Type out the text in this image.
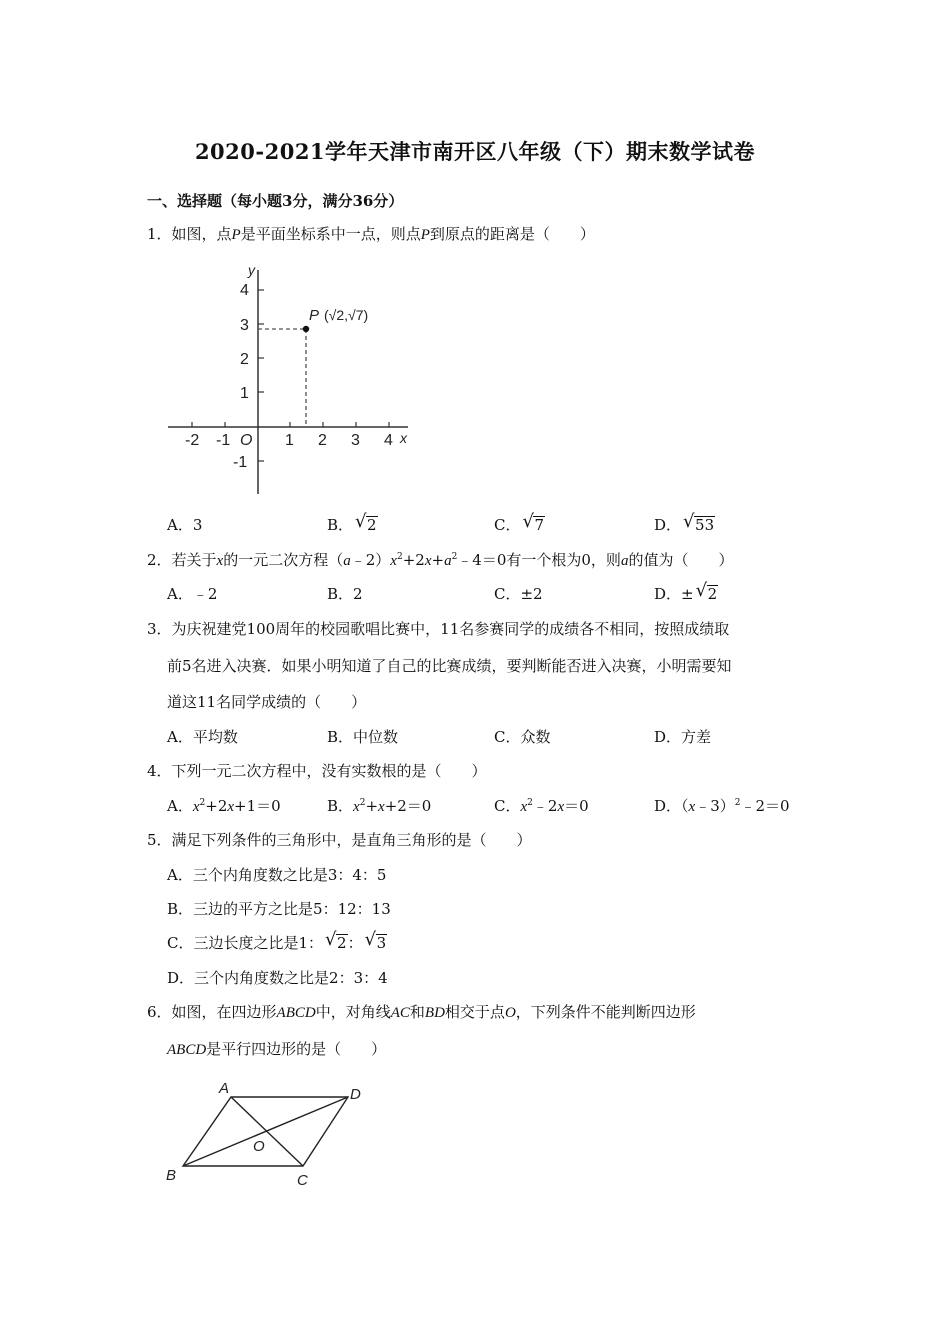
2020-2021学年天津市南开区八年级（下）期末数学试卷
一、选择题（每小题3分，满分36分）
1．如图，点P是平面坐标系中一点，则点P到原点的距离是（　　）
y
x
O
P (√2,√7)
-2 -1	1 2 3 4
4
3
2
1
-1
A．3	B． √ 2	C． √ 7	D． √ 53
2．若关于x的一元二次方程$(a﹣2)x^2+2x+a^2﹣4=0$有一个根为0，则a的值为（　　）
A．﹣2	B．2	C．±2	D．± √ 2
3．为庆祝建党100周年的校园歌唱比赛中，11名参赛同学的成绩各不相同，按照成绩取
前5名进入决赛．如果小明知道了自己的比赛成绩，要判断能否进入决赛，小明需要知
道这11名同学成绩的（　　）
A．平均数	B．中位数	C．众数	D．方差
4．下列一元二次方程中，没有实数根的是（　　）
A．$x^2+2x+1=0$	B．$x^2+x+2=0$	C．$x^2﹣2x=0$	D．（x﹣3）$^2$﹣2＝0
5．满足下列条件的三角形中，是直角三角形的是（　　）
A．三个内角度数之比是3：4：5
B．三边的平方之比是5：12：13
C．三边长度之比是1： √ 2： √ 3
D．三个内角度数之比是2：3：4
6．如图，在四边形ABCD中，对角线AC和BD相交于点O，下列条件不能判断四边形
ABCD是平行四边形的是（　　）
A	D
B	C
O
